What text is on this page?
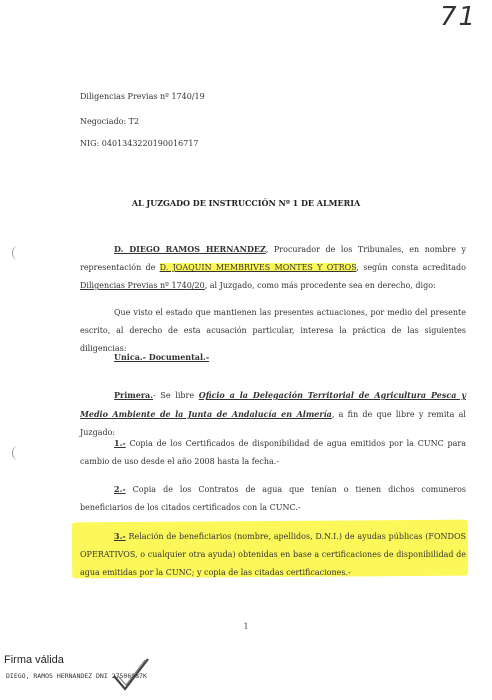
71
Diligencias Previas nº 1740/19
Negociado: T2
NIG: 0401343220190016717
AL JUZGADO DE INSTRUCCIÓN Nº 1 DE ALMERIA
D. DIEGO RAMOS HERNANDEZ, Procurador de los Tribunales, en nombre y representación de D. JOAQUIN MEMBRIVES MONTES Y OTROS, según consta acreditado Diligencias Previas nº 1740/20, al Juzgado, como más procedente sea en derecho, digo:
Que visto el estado que mantienen las presentes actuaciones, por medio del presente escrito, al derecho de esta acusación particular, interesa la práctica de las siguientes diligencias:
Unica.- Documental.-
Primera.- Se libre Oficio a la Delegación Territorial de Agricultura Pesca y Medio Ambiente de la Junta de Andalucía en Almería, a fin de que libre y remita al Juzgado:
1.- Copia de los Certificados de disponibilidad de agua emitidos por la CUNC para cambio de uso desde el año 2008 hasta la fecha.-
2.- Copia de los Contratos de agua que tenían o tienen dichos comuneros beneficiarios de los citados certificados con la CUNC.-
3.- Relación de beneficiarios (nombre, apellidos, D.N.I.) de ayudas públicas (FONDOS OPERATIVOS, o cualquier otra ayuda) obtenidas en base a certificaciones de disponibilidad de agua emitidas por la CUNC; y copia de las citadas certificaciones.-
1
Firma válida
DIEGO, RAMOS HERNANDEZ DNI 27506987K
